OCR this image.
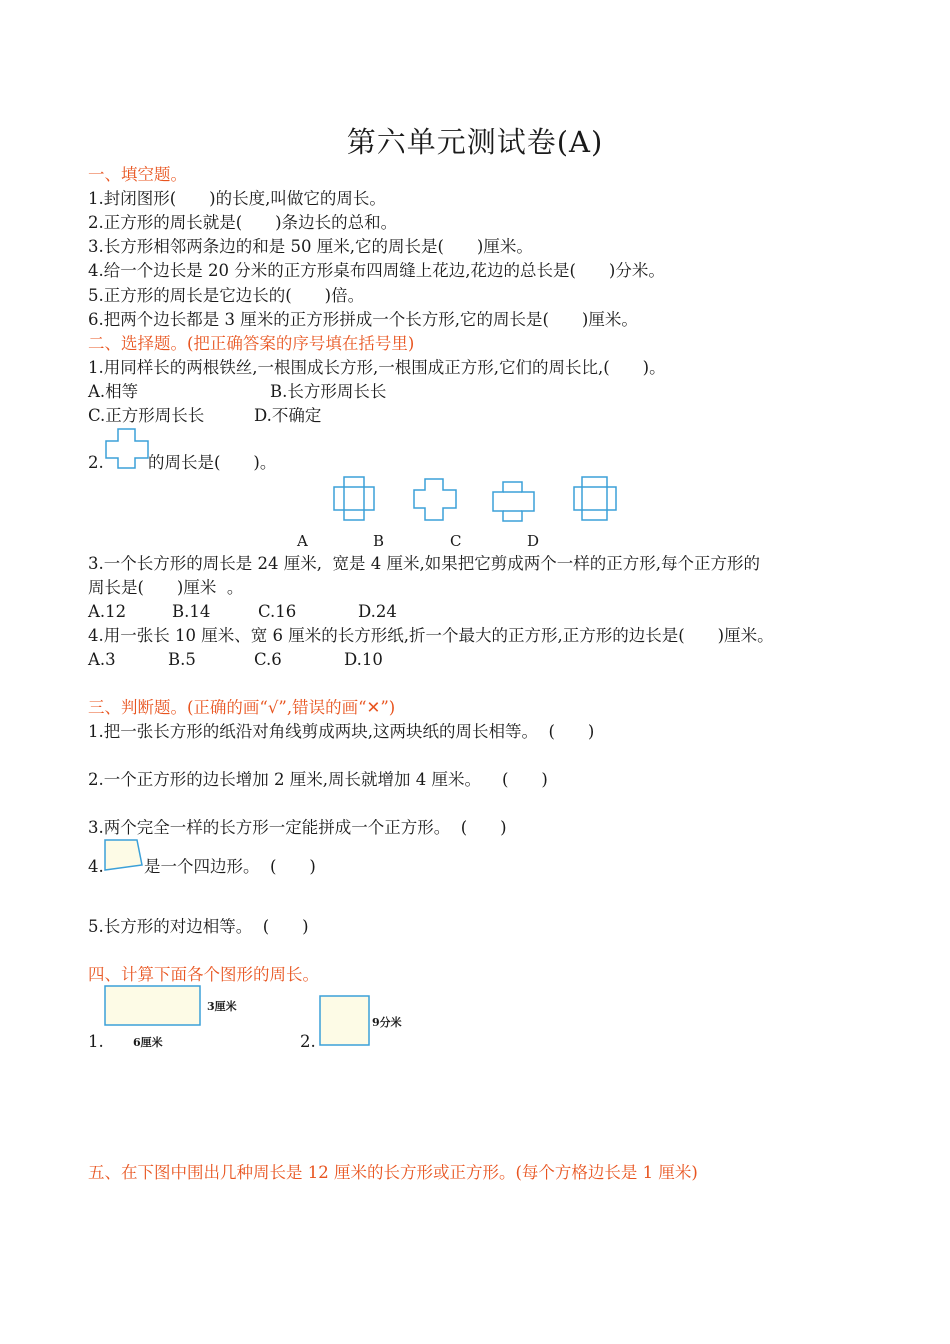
第六单元测试卷(A)
一、填空题。
1.封闭图形(　　)的长度,叫做它的周长。
2.正方形的周长就是(　　)条边长的总和。
3.长方形相邻两条边的和是 50 厘米,它的周长是(　　)厘米。
4.给一个边长是 20 分米的正方形桌布四周缝上花边,花边的总长是(　　)分米。
5.正方形的周长是它边长的(　　)倍。
6.把两个边长都是 3 厘米的正方形拼成一个长方形,它的周长是(　　)厘米。
二、选择题。(把正确答案的序号填在括号里)
1.用同样长的两根铁丝,一根围成长方形,一根围成正方形,它们的周长比,(　　)。
A.相等	B.长方形周长长
C.正方形周长长	D.不确定
2.	的周长是(　　)。
A	B	C	D
3.一个长方形的周长是 24 厘米,  宽是 4 厘米,如果把它剪成两个一样的正方形,每个正方形的
周长是(　　)厘米  。
A.12	B.14	C.16	D.24
4.用一张长 10 厘米、宽 6 厘米的长方形纸,折一个最大的正方形,正方形的边长是(　　)厘米。
A.3	B.5	C.6	D.10
三、判断题。(正确的画“√”,错误的画“✕”)
1.把一张长方形的纸沿对角线剪成两块,这两块纸的周长相等。  (　　)
2.一个正方形的边长增加 2 厘米,周长就增加 4 厘米。    (　　)
3.两个完全一样的长方形一定能拼成一个正方形。  (　　)
4. 是一个四边形。  (　　)
5.长方形的对边相等。  (　　)
四、计算下面各个图形的周长。
3厘米
6厘米
1.
9分米
2.
五、在下图中围出几种周长是 12 厘米的长方形或正方形。(每个方格边长是 1 厘米)
